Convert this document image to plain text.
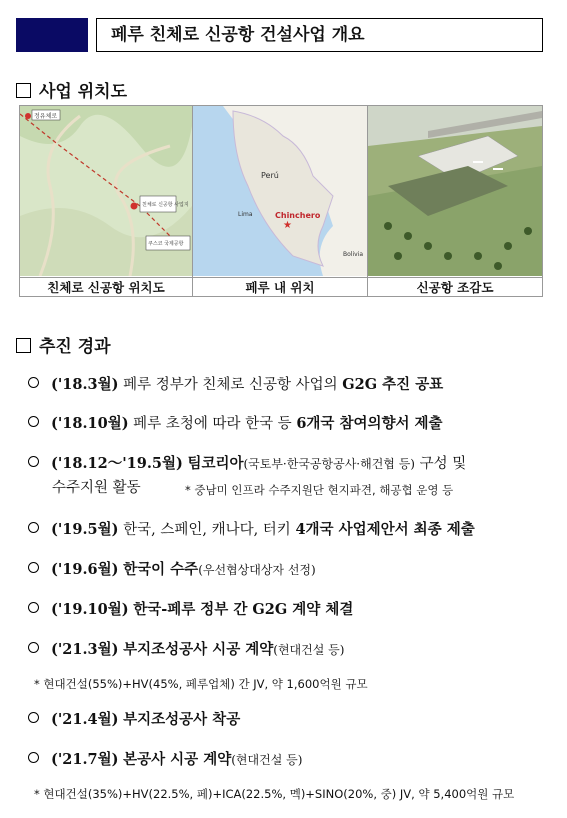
페루 친체로 신공항 건설사업 개요
사업 위치도
정유체로
친체로 신공항 사업지
쿠스코 국제공항
Perú
Chinchero
★
Lima
Bolivia
친체로 신공항 위치도	페루 내 위치	신공항 조감도
추진 경과
('18.3월) 페루 정부가 친체로 신공항 사업의 G2G 추진 공표
('18.10월) 페루 초청에 따라 한국 등 6개국 참여의향서 제출
('18.12～'19.5월) 팀코리아(국토부·한국공항공사·해건협 등) 구성 및
수주지원 활동	* 중남미 인프라 수주지원단 현지파견, 해공협 운영 등
('19.5월) 한국, 스페인, 캐나다, 터키 4개국 사업제안서 최종 제출
('19.6월) 한국이 수주(우선협상대상자 선정)
('19.10월) 한국-페루 정부 간 G2G 계약 체결
('21.3월) 부지조성공사 시공 계약(현대건설 등)
* 현대건설(55%)+HV(45%, 페루업체) 간 JV, 약 1,600억원 규모
('21.4월) 부지조성공사 착공
('21.7월) 본공사 시공 계약(현대건설 등)
* 현대건설(35%)+HV(22.5%, 페)+ICA(22.5%, 멕)+SINO(20%, 중) JV, 약 5,400억원 규모
